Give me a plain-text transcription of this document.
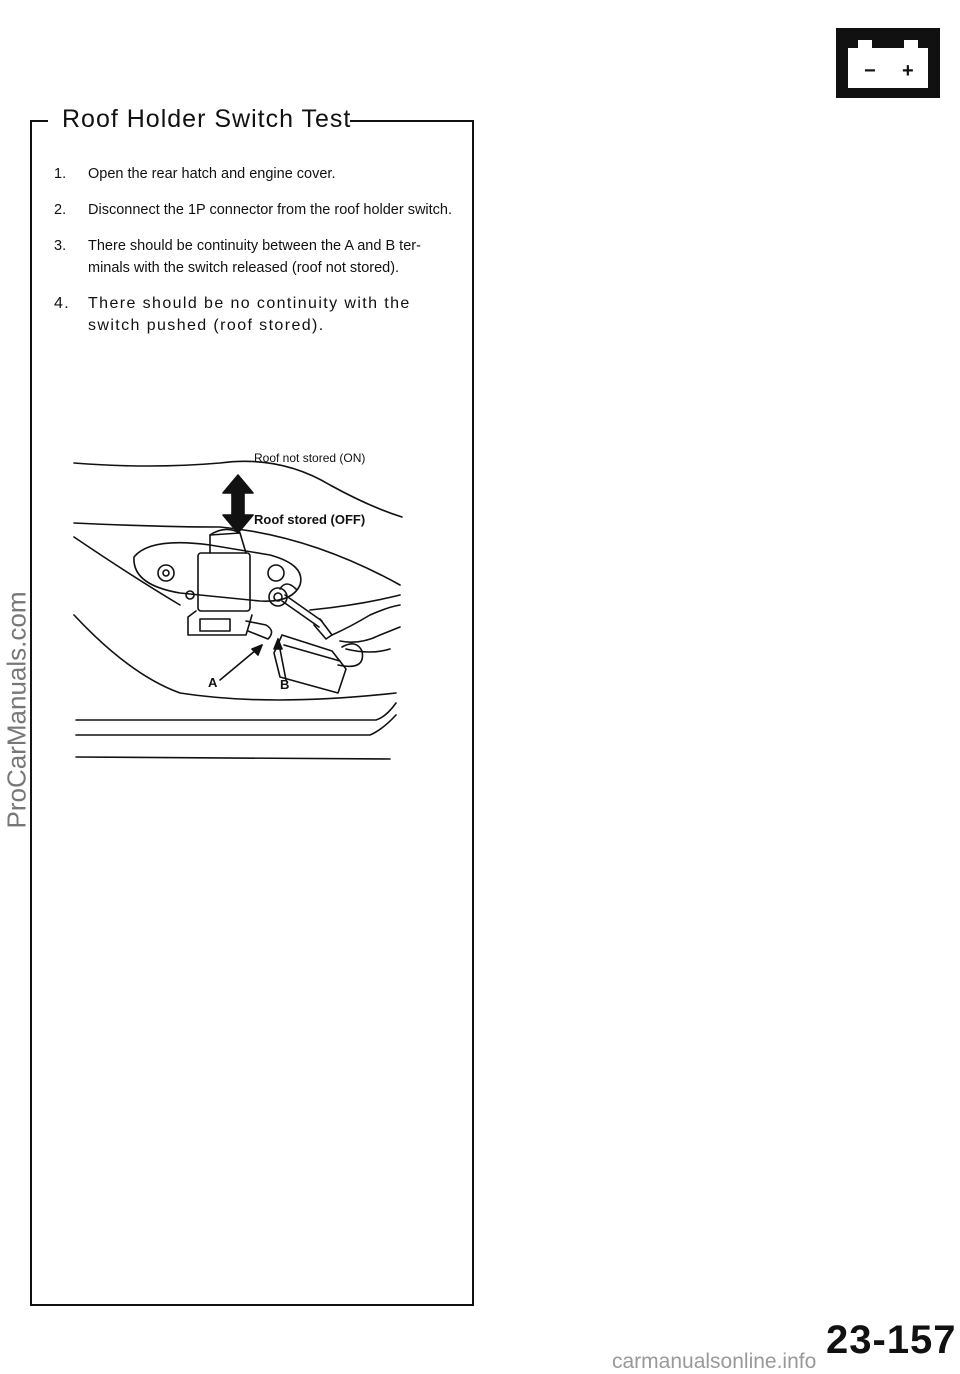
− +
Roof Holder Switch Test
1. Open the rear hatch and engine cover.
2. Disconnect the 1P connector from the roof holder switch.
3. There should be continuity between the A and B ter-minals with the switch released (roof not stored).
4. There should be no continuity with the switch pushed (roof stored).
Roof not stored (ON)
Roof stored (OFF)
A	B
ProCarManuals.com
23-157
carmanualsonline.info
